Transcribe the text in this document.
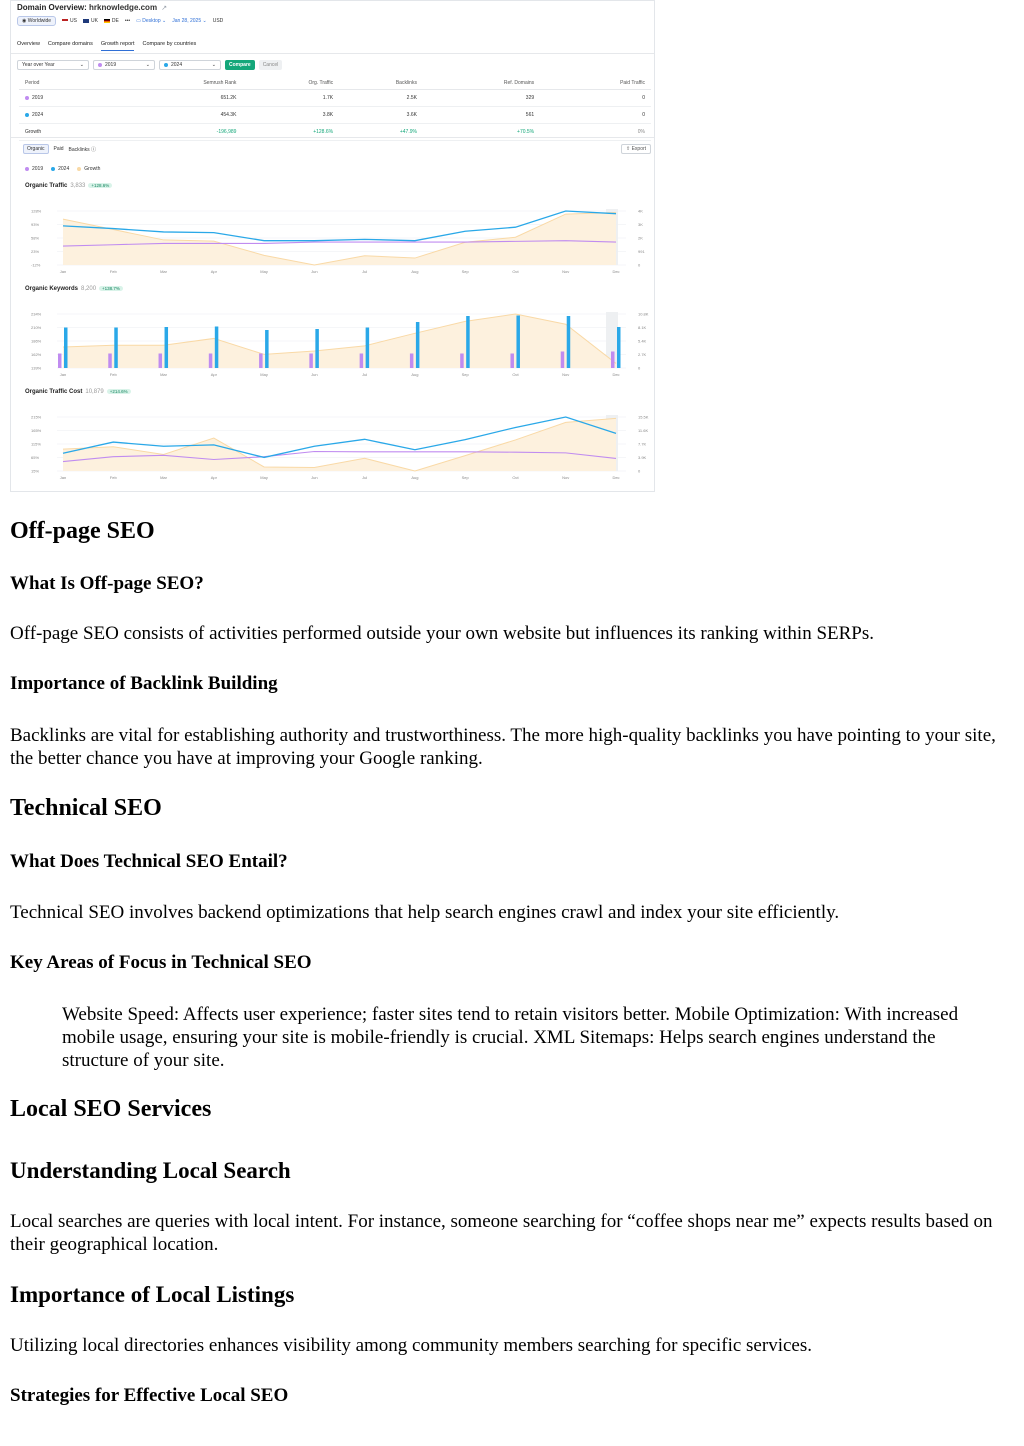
Domain Overview: hrknowledge.com ↗
◉ Worldwide	US	UK	DE ••• ▭ Desktop ⌄ Jan 28, 2025 ⌄ USD
Overview Compare domains Growth report Compare by countries
Year over Year	⌄	2019	⌄	2024	⌄	Compare	Cancel
Period	Semrush Rank	Org. Traffic	Backlinks	Ref. Domains	Paid Traffic
2019	651.2K	1.7K	2.5K	329	0
2024	454.3K	3.8K	3.6K	561	0
Growth	-196,989	+128.6%	+47.9%	+70.5%	0%
Organic	Paid Backlinks ⓘ	⇧ Export
2019	2024	Growth
Organic Traffic 3,833 +128.6%
128%	4K
93%	3K
58%	2K
23%	991
-12%	0
Jan	Feb	Mar	Apr	May	Jun	Jul	Aug	Sep	Oct	Nov	Dec
Organic Keywords 8,200 +138.7%
234%	10.8K
210%	8.1K
186%	5.4K
162%	2.7K
139%	0
Jan	Feb	Mar	Apr	May	Jun	Jul	Aug	Sep	Oct	Nov	Dec
Organic Traffic Cost 10,879 +214.6%
215%	15.5K
165%	11.6K
115%	7.7K
65%	3.9K
15%	0
Jan	Feb	Mar	Apr	May	Jun	Jul	Aug	Sep	Oct	Nov	Dec
Off-page SEO
What Is Off-page SEO?

Off-page SEO consists of activities performed outside your own website but influences its ranking within SERPs.

Importance of Backlink Building

Backlinks are vital for establishing authority and trustworthiness. The more high-quality backlinks you have pointing to your site, the better chance you have at improving your Google ranking.

Technical SEO
What Does Technical SEO Entail?

Technical SEO involves backend optimizations that help search engines crawl and index your site efficiently.

Key Areas of Focus in Technical SEO

Website Speed: Affects user experience; faster sites tend to retain visitors better. Mobile Optimization: With increased mobile usage, ensuring your site is mobile-friendly is crucial. XML Sitemaps: Helps search engines understand the structure of your site.

Local SEO Services
Understanding Local Search

Local searches are queries with local intent. For instance, someone searching for “coffee shops near me” expects results based on their geographical location.

Importance of Local Listings

Utilizing local directories enhances visibility among community members searching for specific services.

Strategies for Effective Local SEO
